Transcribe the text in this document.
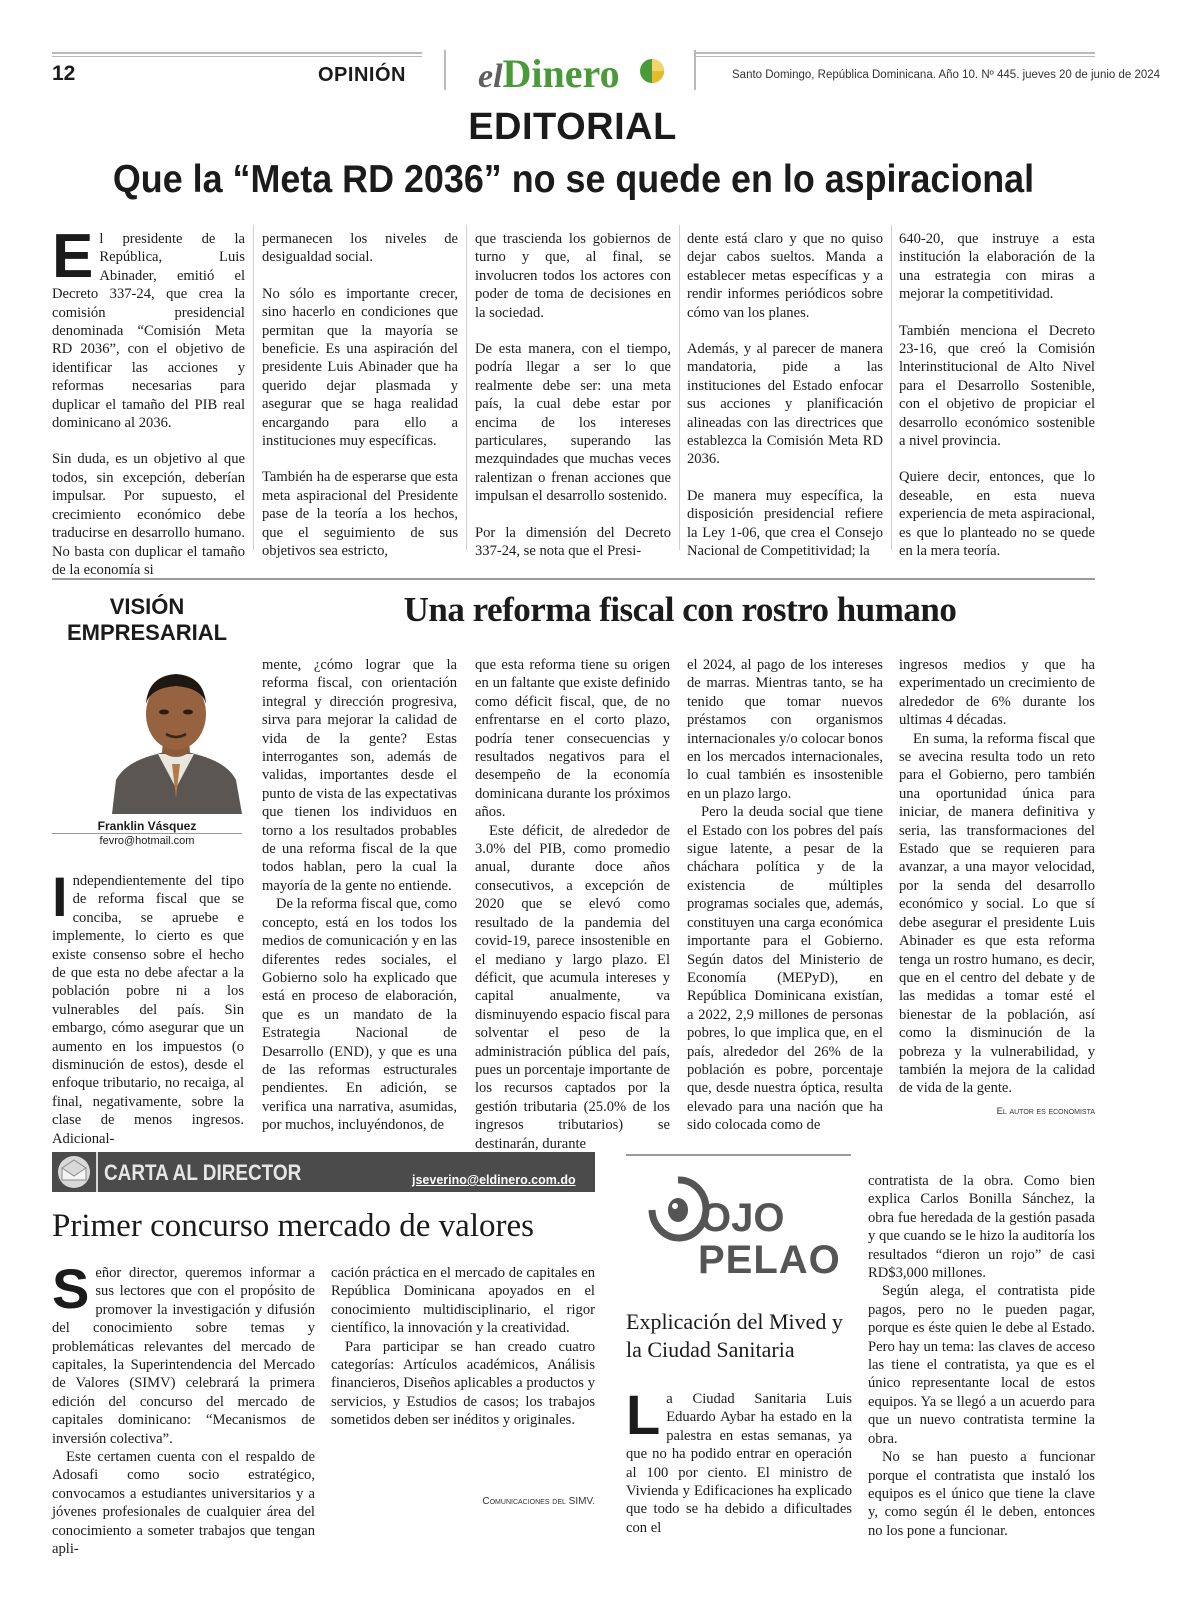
12	OPINIÓN elDinero	Santo Domingo, República Dominicana. Año 10. Nº 445. jueves 20 de junio de 2024
EDITORIAL
Que la “Meta RD 2036” no se quede en lo aspiracional
E l presidente de la República, Luis Abinader, emitió el Decreto 337-24, que crea la comisión presidencial denominada “Comisión Meta RD 2036”, con el objetivo de identificar las acciones y reformas necesarias para duplicar el tamaño del PIB real dominicano al 2036.

Sin duda, es un objetivo al que todos, sin excepción, deberían impulsar. Por supuesto, el crecimiento económico debe traducirse en desarrollo humano. No basta con duplicar el tamaño de la economía si

permanecen los niveles de desigualdad social.

No sólo es importante crecer, sino hacerlo en condiciones que permitan que la mayoría se beneficie. Es una aspiración del presidente Luis Abinader que ha querido dejar plasmada y asegurar que se haga realidad encargando para ello a instituciones muy específicas.

También ha de esperarse que esta meta aspiracional del Presidente pase de la teoría a los hechos, que el seguimiento de sus objetivos sea estricto,

que trascienda los gobiernos de turno y que, al final, se involucren todos los actores con poder de toma de decisiones en la sociedad.

De esta manera, con el tiempo, podría llegar a ser lo que realmente debe ser: una meta país, la cual debe estar por encima de los intereses particulares, superando las mezquindades que muchas veces ralentizan o frenan acciones que impulsan el desarrollo sostenido.

Por la dimensión del Decreto 337-24, se nota que el Presi-

dente está claro y que no quiso dejar cabos sueltos. Manda a establecer metas específicas y a rendir informes periódicos sobre cómo van los planes.

Además, y al parecer de manera mandatoria, pide a las instituciones del Estado enfocar sus acciones y planificación alineadas con las directrices que establezca la Comisión Meta RD 2036.

De manera muy específica, la disposición presidencial refiere la Ley 1-06, que crea el Consejo Nacional de Competitividad; la

640-20, que instruye a esta institución la elaboración de la una estrategia con miras a mejorar la competitividad.

También menciona el Decreto 23-16, que creó la Comisión lnterinstitucional de Alto Nivel para el Desarrollo Sostenible, con el objetivo de propiciar el desarrollo económico sostenible a nivel provincia.

Quiere decir, entonces, que lo deseable, en esta nueva experiencia de meta aspiracional, es que lo planteado no se quede en la mera teoría.

VISIÓN
EMPRESARIAL
Una reforma fiscal con rostro humano
Franklin Vásquez
fevro@hotmail.com
I ndependientemente del tipo de reforma fiscal que se conciba, se apruebe e implemente, lo cierto es que existe consenso sobre el hecho de que esta no debe afectar a la población pobre ni a los vulnerables del país. Sin embargo, cómo asegurar que un aumento en los impuestos (o disminución de estos), desde el enfoque tributario, no recaiga, al final, negativamente, sobre la clase de menos ingresos. Adicional-

mente, ¿cómo lograr que la reforma fiscal, con orientación integral y dirección progresiva, sirva para mejorar la calidad de vida de la gente? Estas interrogantes son, además de validas, importantes desde el punto de vista de las expectativas que tienen los individuos en torno a los resultados probables de una reforma fiscal de la que todos hablan, pero la cual la mayoría de la gente no entiende.

De la reforma fiscal que, como concepto, está en los todos los medios de comunicación y en las diferentes redes sociales, el Gobierno solo ha explicado que está en proceso de elaboración, que es un mandato de la Estrategia Nacional de Desarrollo (END), y que es una de las reformas estructurales pendientes. En adición, se verifica una narrativa, asumidas, por muchos, incluyéndonos, de

que esta reforma tiene su origen en un faltante que existe definido como déficit fiscal, que, de no enfrentarse en el corto plazo, podría tener consecuencias y resultados negativos para el desempeño de la economía dominicana durante los próximos años.

Este déficit, de alrededor de 3.0% del PIB, como promedio anual, durante doce años consecutivos, a excepción de 2020 que se elevó como resultado de la pandemia del covid-19, parece insostenible en el mediano y largo plazo. El déficit, que acumula intereses y capital anualmente, va disminuyendo espacio fiscal para solventar el peso de la administración pública del país, pues un porcentaje importante de los recursos captados por la gestión tributaria (25.0% de los ingresos tributarios) se destinarán, durante

el 2024, al pago de los intereses de marras. Mientras tanto, se ha tenido que tomar nuevos préstamos con organismos internacionales y/o colocar bonos en los mercados internacionales, lo cual también es insostenible en un plazo largo.

Pero la deuda social que tiene el Estado con los pobres del país sigue latente, a pesar de la cháchara política y de la existencia de múltiples programas sociales que, además, constituyen una carga económica importante para el Gobierno. Según datos del Ministerio de Economía (MEPyD), en República Dominicana existían, a 2022, 2,9 millones de personas pobres, lo que implica que, en el país, alrededor del 26% de la población es pobre, porcentaje que, desde nuestra óptica, resulta elevado para una nación que ha sido colocada como de

ingresos medios y que ha experimentado un crecimiento de alrededor de 6% durante los ultimas 4 décadas.

En suma, la reforma fiscal que se avecina resulta todo un reto para el Gobierno, pero también una oportunidad única para iniciar, de manera definitiva y seria, las transformaciones del Estado que se requieren para avanzar, a una mayor velocidad, por la senda del desarrollo económico y social. Lo que sí debe asegurar el presidente Luis Abinader es que esta reforma tenga un rostro humano, es decir, que en el centro del debate y de las medidas a tomar esté el bienestar de la población, así como la disminución de la pobreza y la vulnerabilidad, y también la mejora de la calidad de vida de la gente.

El autor es economista
CARTA AL DIRECTOR	jseverino@eldinero.com.do
Primer concurso mercado de valores
S eñor director, queremos informar a sus lectores que con el propósito de promover la investigación y difusión del conocimiento sobre temas y problemáticas relevantes del mercado de capitales, la Superintendencia del Mercado de Valores (SIMV) celebrará la primera edición del concurso del mercado de capitales dominicano: “Mecanismos de inversión colectiva”.

Este certamen cuenta con el respaldo de Adosafi como socio estratégico, convocamos a estudiantes universitarios y a jóvenes profesionales de cualquier área del conocimiento a someter trabajos que tengan apli-

cación práctica en el mercado de capitales en República Dominicana apoyados en el conocimiento multidisciplinario, el rigor científico, la innovación y la creatividad.

Para participar se han creado cuatro categorías: Artículos académicos, Análisis financieros, Diseños aplicables a productos y servicios, y Estudios de casos; los trabajos sometidos deben ser inéditos y originales.

Comunicaciones del SIMV.
OJO
PELAO
Explicación del Mived y la Ciudad Sanitaria
L a Ciudad Sanitaria Luis Eduardo Aybar ha estado en la palestra en estas semanas, ya que no ha podido entrar en operación al 100 por ciento. El ministro de Vivienda y Edificaciones ha explicado que todo se ha debido a dificultades con el

contratista de la obra. Como bien explica Carlos Bonilla Sánchez, la obra fue heredada de la gestión pasada y que cuando se le hizo la auditoría los resultados “dieron un rojo” de casi RD$3,000 millones.

Según alega, el contratista pide pagos, pero no le pueden pagar, porque es éste quien le debe al Estado. Pero hay un tema: las claves de acceso las tiene el contratista, ya que es el único representante local de estos equipos. Ya se llegó a un acuerdo para que un nuevo contratista termine la obra.

No se han puesto a funcionar porque el contratista que instaló los equipos es el único que tiene la clave y, como según él le deben, entonces no los pone a funcionar.
